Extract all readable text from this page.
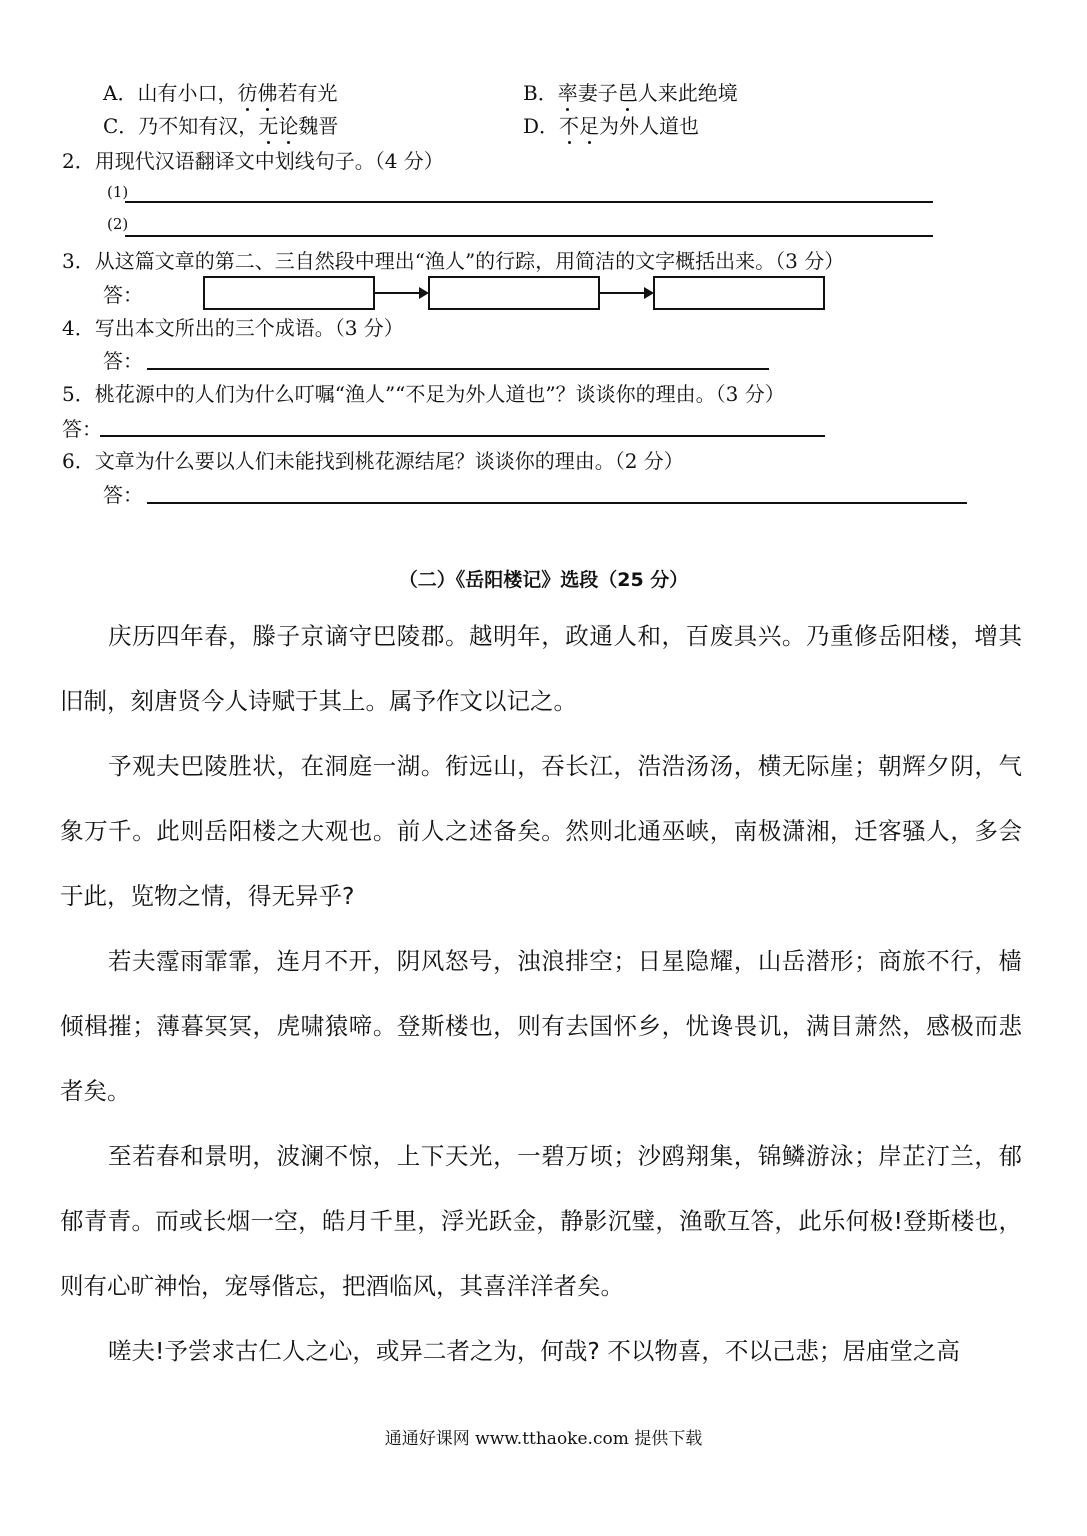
A．山有小口，彷佛若有光	B．率妻子邑人来此绝境
C．乃不知有汉，无论魏晋	D．不足为外人道也
2．用现代汉语翻译文中划线句子。（4 分）
(1)
(2)
3．从这篇文章的第二、三自然段中理出“渔人”的行踪，用简洁的文字概括出来。（3 分）
答：
4．写出本文所出的三个成语。（3 分）
答：
5．桃花源中的人们为什么叮嘱“渔人”“不足为外人道也”？谈谈你的理由。（3 分）
答：
6．文章为什么要以人们未能找到桃花源结尾？谈谈你的理由。（2 分）
答：
（二）《岳阳楼记》选段（25 分）
庆历四年春，滕子京谪守巴陵郡。越明年，政通人和，百废具兴。乃重修岳阳楼，增其旧制，刻唐贤今人诗赋于其上。属予作文以记之。
予观夫巴陵胜状，在洞庭一湖。衔远山，吞长江，浩浩汤汤，横无际崖；朝辉夕阴，气象万千。此则岳阳楼之大观也。前人之述备矣。然则北通巫峡，南极潇湘，迁客骚人，多会于此，览物之情，得无异乎?
若夫霪雨霏霏，连月不开，阴风怒号，浊浪排空；日星隐耀，山岳潜形；商旅不行，樯倾楫摧；薄暮冥冥，虎啸猿啼。登斯楼也，则有去国怀乡，忧谗畏讥，满目萧然，感极而悲者矣。
至若春和景明，波澜不惊，上下天光，一碧万顷；沙鸥翔集，锦鳞游泳；岸芷汀兰，郁郁青青。而或长烟一空，皓月千里，浮光跃金，静影沉璧，渔歌互答，此乐何极!登斯楼也，则有心旷神怡，宠辱偕忘，把酒临风，其喜洋洋者矣。
嗟夫!予尝求古仁人之心，或异二者之为，何哉? 不以物喜，不以己悲；居庙堂之高
通通好课网 www.tthaoke.com 提供下载
